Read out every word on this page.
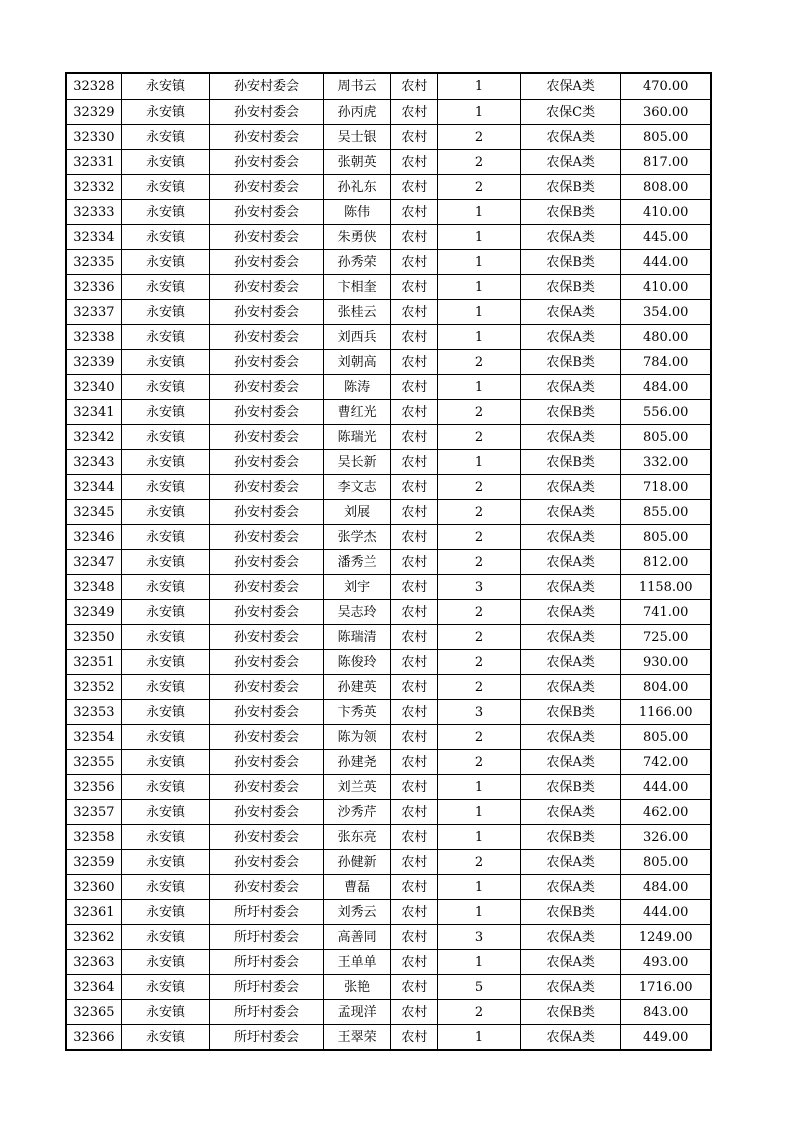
32328	永安镇	孙安村委会	周书云	农村	1	农保A类	470.00
32329	永安镇	孙安村委会	孙丙虎	农村	1	农保C类	360.00
32330	永安镇	孙安村委会	吴士银	农村	2	农保A类	805.00
32331	永安镇	孙安村委会	张朝英	农村	2	农保A类	817.00
32332	永安镇	孙安村委会	孙礼东	农村	2	农保B类	808.00
32333	永安镇	孙安村委会	陈伟	农村	1	农保B类	410.00
32334	永安镇	孙安村委会	朱勇侠	农村	1	农保A类	445.00
32335	永安镇	孙安村委会	孙秀荣	农村	1	农保B类	444.00
32336	永安镇	孙安村委会	卞相奎	农村	1	农保B类	410.00
32337	永安镇	孙安村委会	张桂云	农村	1	农保A类	354.00
32338	永安镇	孙安村委会	刘西兵	农村	1	农保A类	480.00
32339	永安镇	孙安村委会	刘朝高	农村	2	农保B类	784.00
32340	永安镇	孙安村委会	陈涛	农村	1	农保A类	484.00
32341	永安镇	孙安村委会	曹红光	农村	2	农保B类	556.00
32342	永安镇	孙安村委会	陈瑞光	农村	2	农保A类	805.00
32343	永安镇	孙安村委会	吴长新	农村	1	农保B类	332.00
32344	永安镇	孙安村委会	李文志	农村	2	农保A类	718.00
32345	永安镇	孙安村委会	刘展	农村	2	农保A类	855.00
32346	永安镇	孙安村委会	张学杰	农村	2	农保A类	805.00
32347	永安镇	孙安村委会	潘秀兰	农村	2	农保A类	812.00
32348	永安镇	孙安村委会	刘宇	农村	3	农保A类	1158.00
32349	永安镇	孙安村委会	吴志玲	农村	2	农保A类	741.00
32350	永安镇	孙安村委会	陈瑞清	农村	2	农保A类	725.00
32351	永安镇	孙安村委会	陈俊玲	农村	2	农保A类	930.00
32352	永安镇	孙安村委会	孙建英	农村	2	农保A类	804.00
32353	永安镇	孙安村委会	卞秀英	农村	3	农保B类	1166.00
32354	永安镇	孙安村委会	陈为领	农村	2	农保A类	805.00
32355	永安镇	孙安村委会	孙建尧	农村	2	农保A类	742.00
32356	永安镇	孙安村委会	刘兰英	农村	1	农保B类	444.00
32357	永安镇	孙安村委会	沙秀芹	农村	1	农保A类	462.00
32358	永安镇	孙安村委会	张东亮	农村	1	农保B类	326.00
32359	永安镇	孙安村委会	孙健新	农村	2	农保A类	805.00
32360	永安镇	孙安村委会	曹磊	农村	1	农保A类	484.00
32361	永安镇	所圩村委会	刘秀云	农村	1	农保B类	444.00
32362	永安镇	所圩村委会	高善同	农村	3	农保A类	1249.00
32363	永安镇	所圩村委会	王单单	农村	1	农保A类	493.00
32364	永安镇	所圩村委会	张艳	农村	5	农保A类	1716.00
32365	永安镇	所圩村委会	孟现洋	农村	2	农保B类	843.00
32366	永安镇	所圩村委会	王翠荣	农村	1	农保A类	449.00
